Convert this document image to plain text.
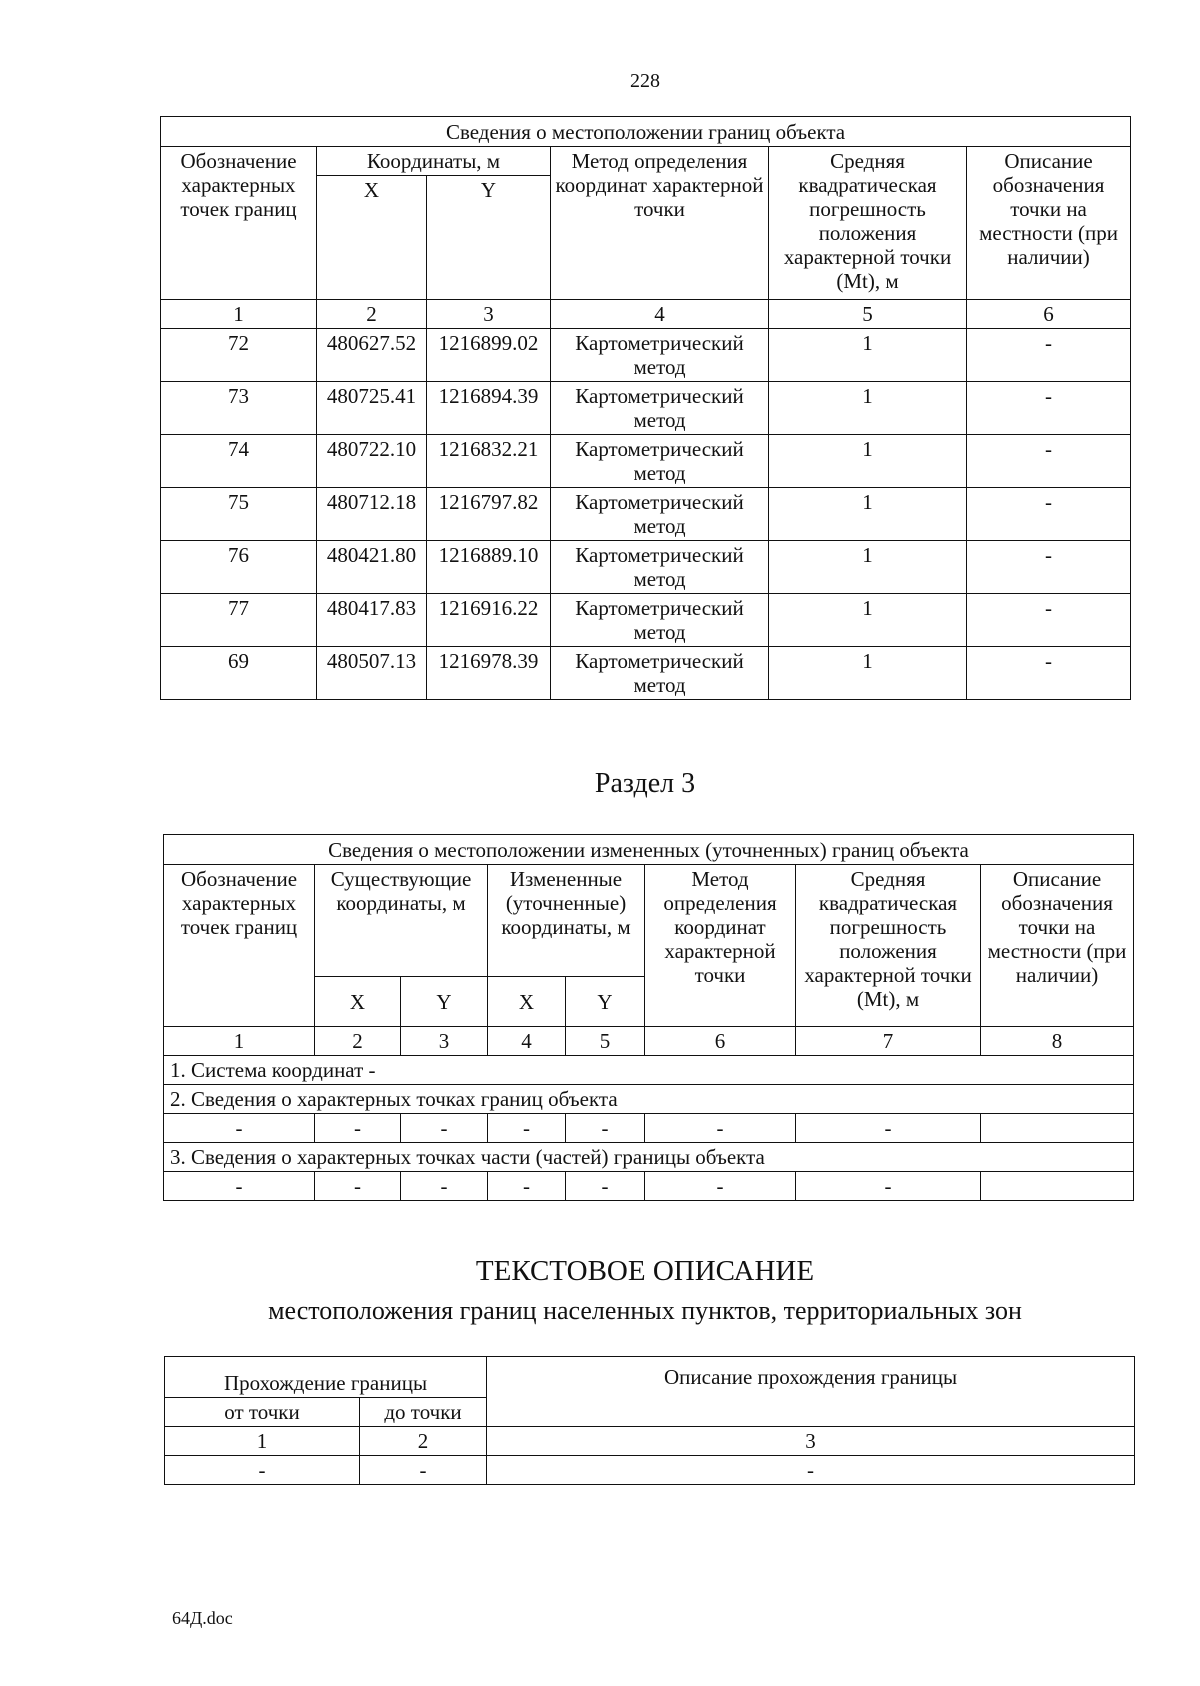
228
Сведения о местоположении границ объекта					
Обозначение характерных точек границ	Координаты, м		Метод определения координат характерной точки	Средняя квадратическая погрешность положения характерной точки (Mt), м	Описание обозначения точки на местности (при наличии)
	X	Y			
1	2	3	4	5	6
72	480627.52	1216899.02	Картометрический метод	1	-
73	480725.41	1216894.39	Картометрический метод	1	-
74	480722.10	1216832.21	Картометрический метод	1	-
75	480712.18	1216797.82	Картометрический метод	1	-
76	480421.80	1216889.10	Картометрический метод	1	-
77	480417.83	1216916.22	Картометрический метод	1	-
69	480507.13	1216978.39	Картометрический метод	1	-
Раздел 3
Сведения о местоположении измененных (уточненных) границ объекта							
Обозначение характерных точек границ	Существующие координаты, м		Измененные (уточненные) координаты, м		Метод определения координат характерной точки	Средняя квадратическая погрешность положения характерной точки (Mt), м	Описание обозначения точки на местности (при наличии)
	X	Y	X	Y			
1	2	3	4	5	6	7	8
1. Система координат -							
2. Сведения о характерных точках границ объекта							
-	-	-	-	-	-	-	
3. Сведения о характерных точках части (частей) границы объекта							
-	-	-	-	-	-	-	
ТЕКСТОВОЕ ОПИСАНИЕ
местоположения границ населенных пунктов, территориальных зон
Прохождение границы		Описание прохождения границы
от точки	до точки	
1	2	3
-	-	-
64Д.doc
